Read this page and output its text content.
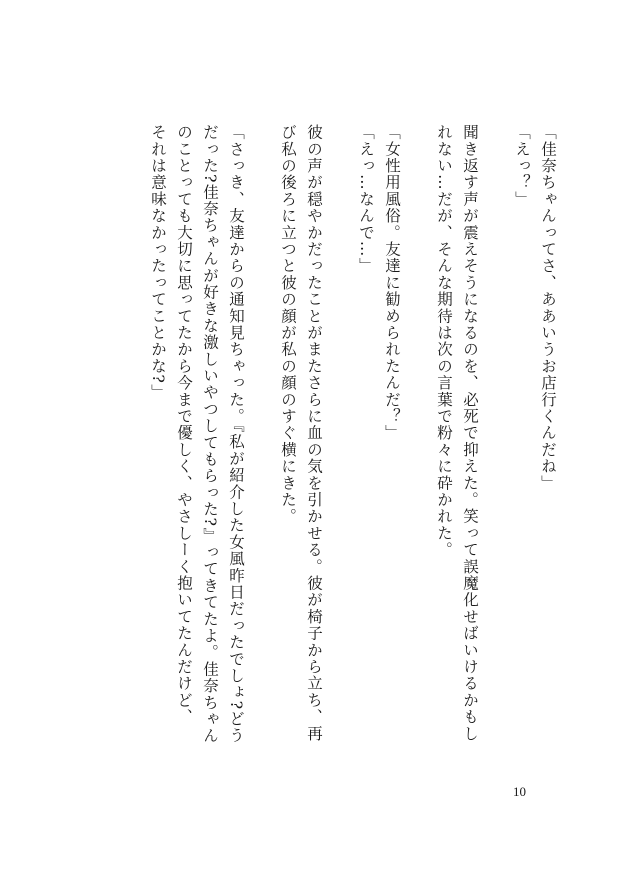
「佳奈ちゃんってさ、ああいうお店行くんだね」
「えっ？」
聞き返す声が震えそうになるのを、必死で抑えた。笑って誤魔化せばいけるかもし
れない…だが、そんな期待は次の言葉で粉々に砕かれた。
「女性用風俗。友達に勧められたんだ？」
「えっ…なんで…」
彼の声が穏やかだったことがまたさらに血の気を引かせる。彼が椅子から立ち、再
び私の後ろに立つと彼の顔が私の顔のすぐ横にきた。
「さっき、友達からの通知見ちゃった。『私が紹介した女風昨日だったでしょ?どう
だった?佳奈ちゃんが好きな激しいやつしてもらった?』ってきてたよ。佳奈ちゃん
のことっても大切に思ってたから今まで優しく、やさしーく抱いてたんだけど、
それは意味なかったってことかな?」
10
